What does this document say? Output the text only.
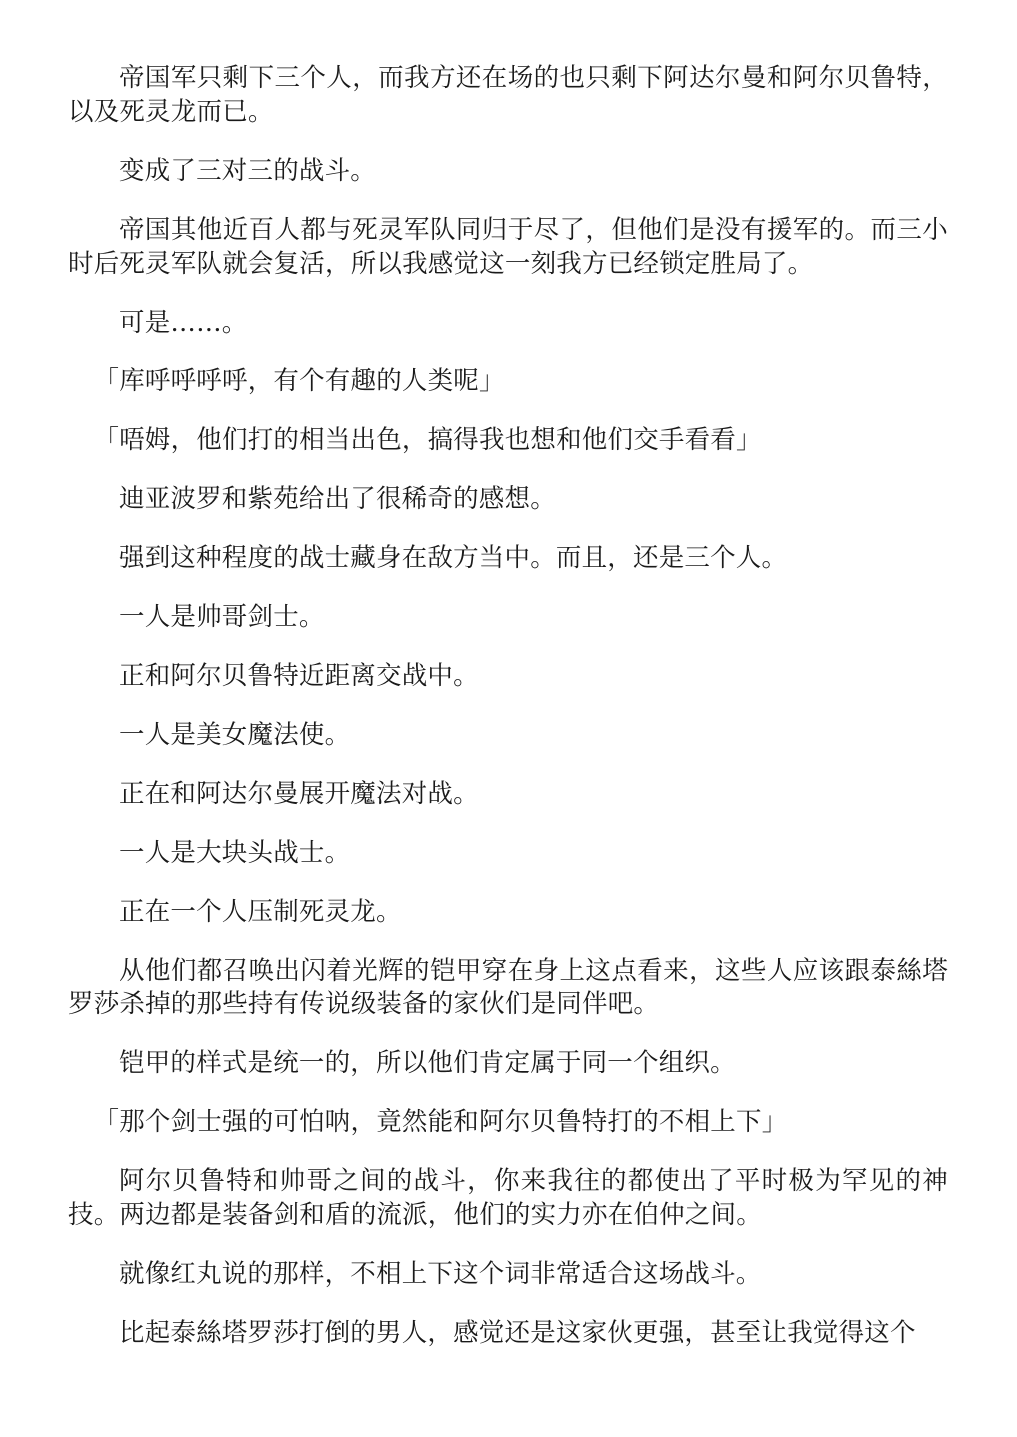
帝国军只剩下三个人，而我方还在场的也只剩下阿达尔曼和阿尔贝鲁特，以及死灵龙而已。

变成了三对三的战斗。

帝国其他近百人都与死灵军队同归于尽了，但他们是没有援军的。而三小时后死灵军队就会复活，所以我感觉这一刻我方已经锁定胜局了。

可是……。

「库呼呼呼呼，有个有趣的人类呢」

「唔姆，他们打的相当出色，搞得我也想和他们交手看看」

迪亚波罗和紫苑给出了很稀奇的感想。

强到这种程度的战士藏身在敌方当中。而且，还是三个人。

一人是帅哥剑士。

正和阿尔贝鲁特近距离交战中。

一人是美女魔法使。

正在和阿达尔曼展开魔法对战。

一人是大块头战士。

正在一个人压制死灵龙。

从他们都召唤出闪着光辉的铠甲穿在身上这点看来，这些人应该跟泰絲塔罗莎杀掉的那些持有传说级装备的家伙们是同伴吧。

铠甲的样式是统一的，所以他们肯定属于同一个组织。

「那个剑士强的可怕呐，竟然能和阿尔贝鲁特打的不相上下」

阿尔贝鲁特和帅哥之间的战斗，你来我往的都使出了平时极为罕见的神技。两边都是装备剑和盾的流派，他们的实力亦在伯仲之间。

就像红丸说的那样，不相上下这个词非常适合这场战斗。

比起泰絲塔罗莎打倒的男人，感觉还是这家伙更强，甚至让我觉得这个
